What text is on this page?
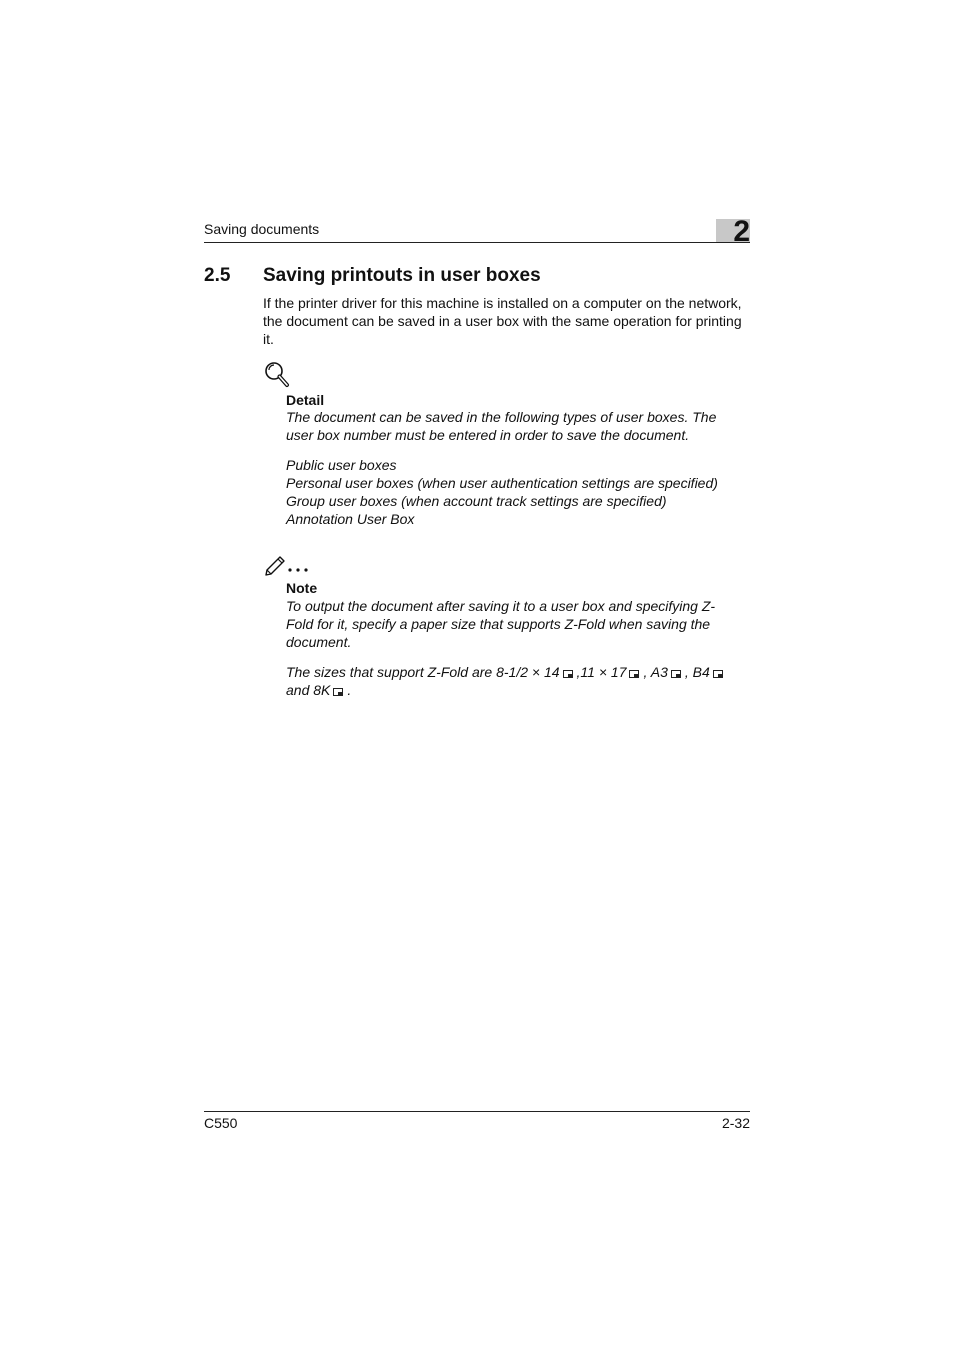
Saving documents	2
2.5 Saving printouts in user boxes

If the printer driver for this machine is installed on a computer on the network,

the document can be saved in a user box with the same operation for printing

it.

Detail

The document can be saved in the following types of user boxes. The

user box number must be entered in order to save the document.

Public user boxes

Personal user boxes (when user authentication settings are specified)

Group user boxes (when account track settings are specified)

Annotation User Box

Note

To output the document after saving it to a user box and specifying Z-

Fold for it, specify a paper size that supports Z-Fold when saving the

document.

The sizes that support Z-Fold are 8-1/2 × 14 ,11 × 17 , A3 , B4

and 8K .

C550	2-32
